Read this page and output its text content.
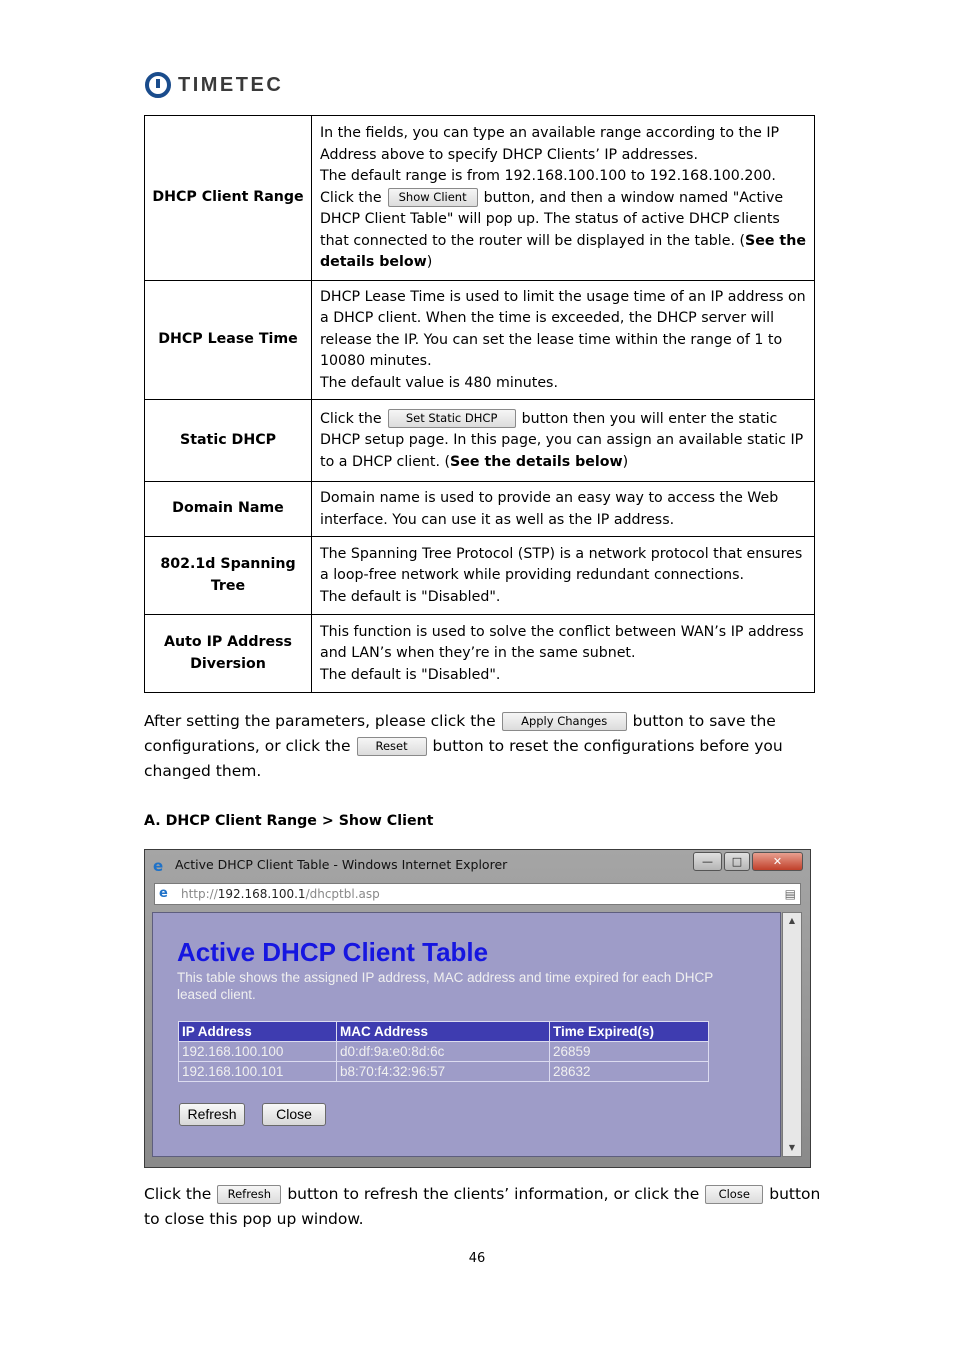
TIMETEC
DHCP Client Range	In the fields, you can type an available range according to the IP Address above to specify DHCP Clients’ IP addresses.
The default range is from 192.168.100.100 to 192.168.100.200.
Click the Show Client button, and then a window named "Active DHCP Client Table" will pop up. The status of active DHCP clients that connected to the router will be displayed in the table. (See the details below)

DHCP Lease Time	DHCP Lease Time is used to limit the usage time of an IP address on a DHCP client. When the time is exceeded, the DHCP server will release the IP. You can set the lease time within the range of 1 to 10080 minutes.
The default value is 480 minutes.

Static DHCP	Click the Set Static DHCP button then you will enter the static DHCP setup page. In this page, you can assign an available static IP to a DHCP client. (See the details below)

Domain Name	Domain name is used to provide an easy way to access the Web interface. You can use it as well as the IP address.

802.1d Spanning Tree	The Spanning Tree Protocol (STP) is a network protocol that ensures a loop-free network while providing redundant connections.
The default is "Disabled".

Auto IP Address Diversion	This function is used to solve the conflict between WAN’s IP address and LAN’s when they’re in the same subnet.
The default is "Disabled".
After setting the parameters, please click the Apply Changes button to save the configurations, or click the Reset button to reset the configurations before you changed them.
A. DHCP Client Range > Show Client
e Active DHCP Client Table - Windows Internet Explorer	—	□	✕
e http://192.168.100.1/dhcptbl.asp	▤
Active DHCP Client Table
This table shows the assigned IP address, MAC address and time expired for each DHCP leased client.
IP Address	MAC Address	Time Expired(s)
192.168.100.100	d0:df:9a:e0:8d:6c	26859
192.168.100.101	b8:70:f4:32:96:57	28632
Refresh	Close
▲
▼
Click the Refresh button to refresh the clients’ information, or click the Close button to close this pop up window.
46
